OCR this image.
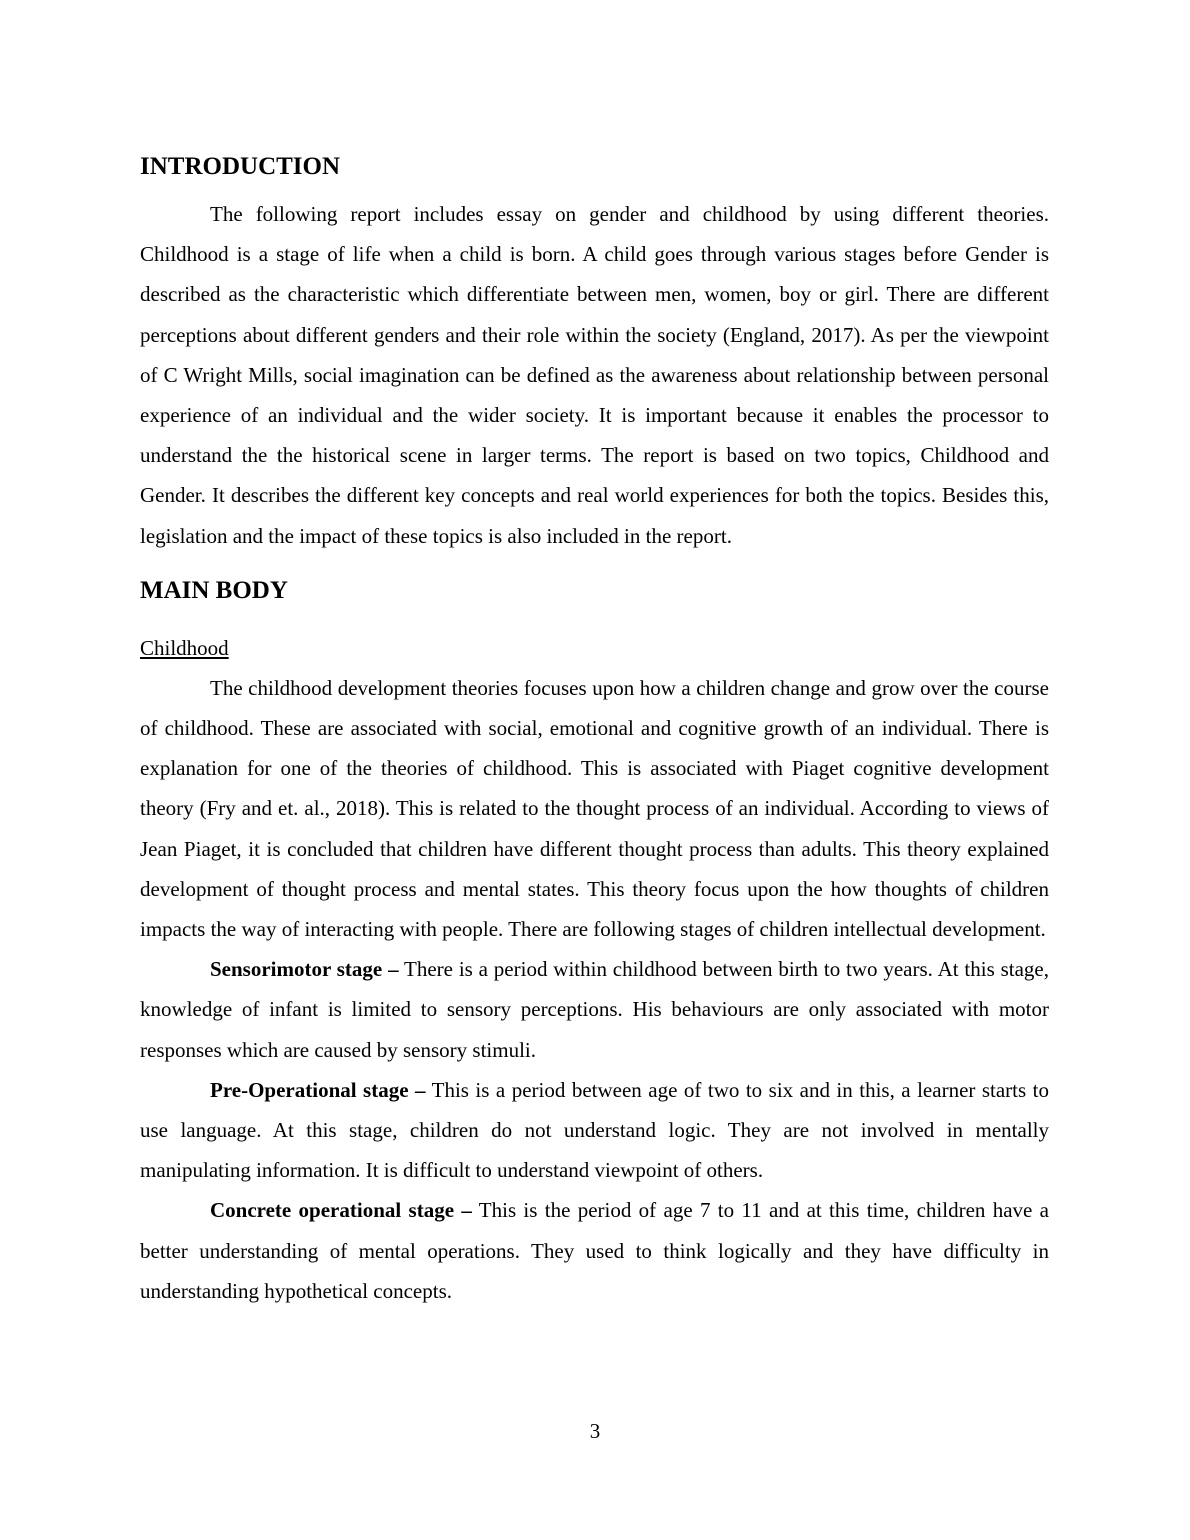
INTRODUCTION

The following report includes essay on gender and childhood by using different theories. Childhood is a stage of life when a child is born. A child goes through various stages before Gender is described as the characteristic which differentiate between men, women, boy or girl. There are different perceptions about different genders and their role within the society (England, 2017). As per the viewpoint of C Wright Mills, social imagination can be defined as the awareness about relationship between personal experience of an individual and the wider society. It is important because it enables the processor to understand the the historical scene in larger terms. The report is based on two topics, Childhood and Gender. It describes the different key concepts and real world experiences for both the topics. Besides this, legislation and the impact of these topics is also included in the report.

MAIN BODY
Childhood

The childhood development theories focuses upon how a children change and grow over the course of childhood. These are associated with social, emotional and cognitive growth of an individual. There is explanation for one of the theories of childhood. This is associated with Piaget cognitive development theory (Fry and et. al., 2018). This is related to the thought process of an individual. According to views of Jean Piaget, it is concluded that children have different thought process than adults. This theory explained development of thought process and mental states. This theory focus upon the how thoughts of children impacts the way of interacting with people. There are following stages of children intellectual development.

Sensorimotor stage – There is a period within childhood between birth to two years. At this stage, knowledge of infant is limited to sensory perceptions. His behaviours are only associated with motor responses which are caused by sensory stimuli.

Pre-Operational stage – This is a period between age of two to six and in this, a learner starts to use language. At this stage, children do not understand logic. They are not involved in mentally manipulating information. It is difficult to understand viewpoint of others.

Concrete operational stage – This is the period of age 7 to 11 and at this time, children have a better understanding of mental operations. They used to think logically and they have difficulty in understanding hypothetical concepts.

3
